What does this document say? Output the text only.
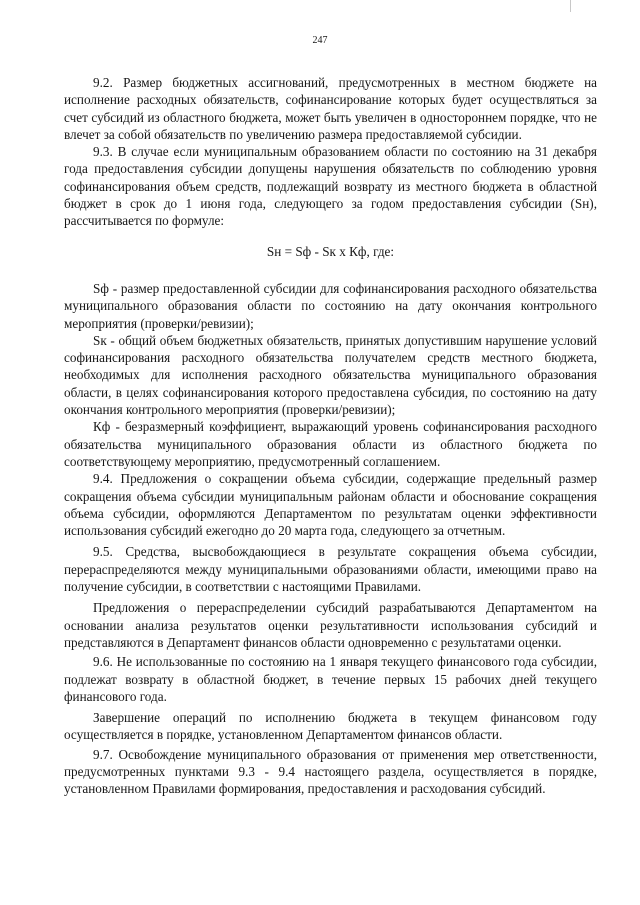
247

9.2. Размер бюджетных ассигнований, предусмотренных в местном бюджете на исполнение расходных обязательств, софинансирование которых будет осуществляться за счет субсидий из областного бюджета, может быть увеличен в одностороннем порядке, что не влечет за собой обязательств по увеличению размера предоставляемой субсидии.

9.3. В случае если муниципальным образованием области по состоянию на 31 декабря года предоставления субсидии допущены нарушения обязательств по соблюдению уровня софинансирования объем средств, подлежащий возврату из местного бюджета в областной бюджет в срок до 1 июня года, следующего за годом предоставления субсидии (Sн), рассчитывается по формуле:

Sн = Sф - Sк х Кф, где:

Sф - размер предоставленной субсидии для софинансирования расходного обязательства муниципального образования области по состоянию на дату окончания контрольного мероприятия (проверки/ревизии);

Sк - общий объем бюджетных обязательств, принятых допустившим нарушение условий софинансирования расходного обязательства получателем средств местного бюджета, необходимых для исполнения расходного обязательства муниципального образования области, в целях софинансирования которого предоставлена субсидия, по состоянию на дату окончания контрольного мероприятия (проверки/ревизии);

Кф - безразмерный коэффициент, выражающий уровень софинансирования расходного обязательства муниципального образования области из областного бюджета по соответствующему мероприятию, предусмотренный соглашением.

9.4. Предложения о сокращении объема субсидии, содержащие предельный размер сокращения объема субсидии муниципальным районам области и обоснование сокращения объема субсидии, оформляются Департаментом по результатам оценки эффективности использования субсидий ежегодно до 20 марта года, следующего за отчетным.

9.5. Средства, высвобождающиеся в результате сокращения объема субсидии, перераспределяются между муниципальными образованиями области, имеющими право на получение субсидии, в соответствии с настоящими Правилами.

Предложения о перераспределении субсидий разрабатываются Департаментом на основании анализа результатов оценки результативности использования субсидий и представляются в Департамент финансов области одновременно с результатами оценки.

9.6. Не использованные по состоянию на 1 января текущего финансового года субсидии, подлежат возврату в областной бюджет, в течение первых 15 рабочих дней текущего финансового года.

Завершение операций по исполнению бюджета в текущем финансовом году осуществляется в порядке, установленном Департаментом финансов области.

9.7. Освобождение муниципального образования от применения мер ответственности, предусмотренных пунктами 9.3 - 9.4 настоящего раздела, осуществляется в порядке, установленном Правилами формирования, предоставления и расходования субсидий.
